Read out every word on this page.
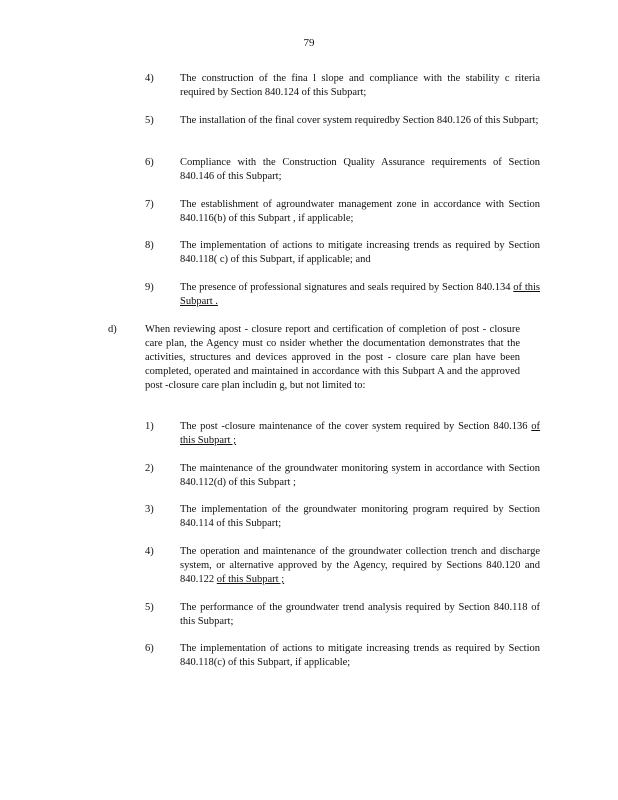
79
4)	The construction of the fina l slope and compliance with the stability c riteria required by Section 840.124 of this Subpart;
5)	The installation of the final cover system requiredby Section 840.126 of this Subpart;
6)	Compliance with the Construction Quality Assurance requirements of Section 840.146 of this Subpart;
7)	The establishment of agroundwater management zone in accordance with Section 840.116(b) of this Subpart , if applicable;
8)	The implementation of actions to mitigate increasing trends as required by Section 840.118( c) of this Subpart, if applicable; and
9)	The presence of professional signatures and seals required by Section 840.134 of this Subpart .
d)	When reviewing apost - closure report and certification of completion of post - closure care plan, the Agency must co nsider whether the documentation demonstrates that the activities, structures and devices approved in the post - closure care plan have been completed, operated and maintained in accordance with this Subpart A and the approved post -closure care plan includin g, but not limited to:
1)	The post -closure maintenance of the cover system required by Section 840.136 of this Subpart ;
2)	The maintenance of the groundwater monitoring system in accordance with Section 840.112(d) of this Subpart ;
3)	The implementation of the groundwater monitoring program required by Section 840.114 of this Subpart;
4)	The operation and maintenance of the groundwater collection trench and discharge system, or alternative approved by the Agency, required by Sections 840.120 and 840.122 of this Subpart ;
5)	The performance of the groundwater trend analysis required by Section 840.118 of this Subpart;
6)	The implementation of actions to mitigate increasing trends as required by Section 840.118(c) of this Subpart, if applicable;
